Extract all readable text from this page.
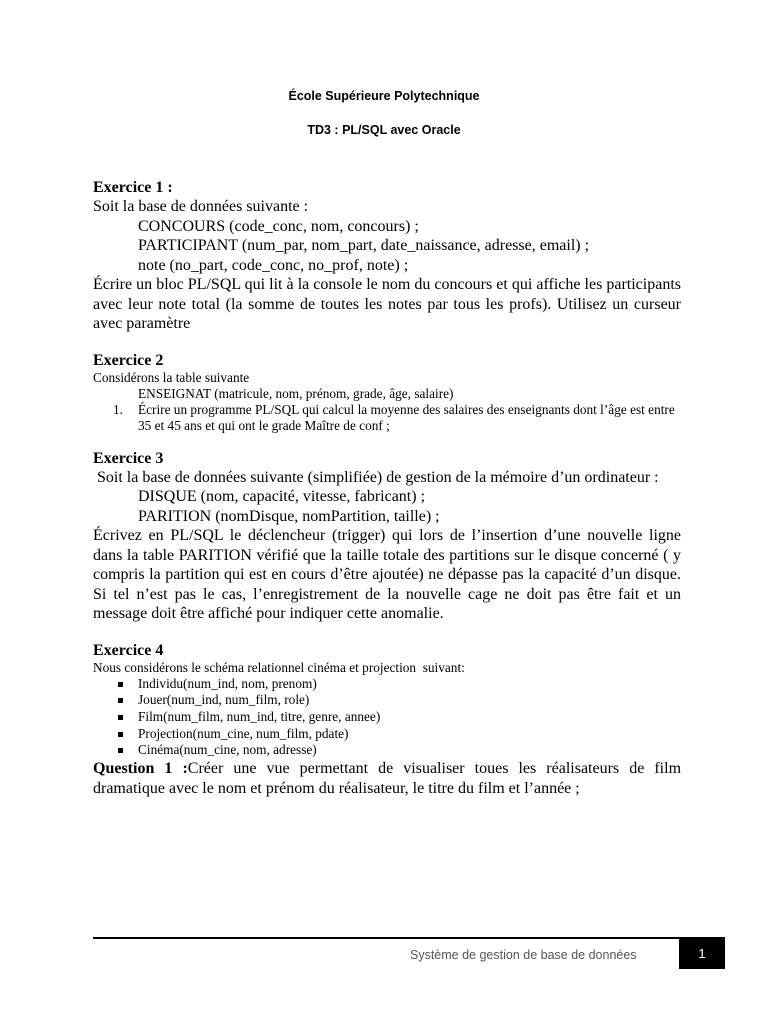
École Supérieure Polytechnique
TD3 : PL/SQL avec Oracle

Exercice 1 :

Soit la base de données suivante :

CONCOURS (code_conc, nom, concours) ;

PARTICIPANT (num_par, nom_part, date_naissance, adresse, email) ;

note (no_part, code_conc, no_prof, note) ;

Écrire un bloc PL/SQL qui lit à la console le nom du concours et qui affiche les participants avec leur note total (la somme de toutes les notes par tous les profs). Utilisez un curseur avec paramètre

Exercice 2

Considérons la table suivante

ENSEIGNAT (matricule, nom, prénom, grade, âge, salaire)

1. Écrire un programme PL/SQL qui calcul la moyenne des salaires des enseignants dont l’âge est entre 35 et 45 ans et qui ont le grade Maître de conf ;

Exercice 3

Soit la base de données suivante (simplifiée) de gestion de la mémoire d’un ordinateur :

DISQUE (nom, capacité, vitesse, fabricant) ;

PARITION (nomDisque, nomPartition, taille) ;

Écrivez en PL/SQL le déclencheur (trigger) qui lors de l’insertion d’une nouvelle ligne dans la table PARITION vérifié que la taille totale des partitions sur le disque concerné ( y compris la partition qui est en cours d’être ajoutée) ne dépasse pas la capacité d’un disque. Si tel n’est pas le cas, l’enregistrement de la nouvelle cage ne doit pas être fait et un message doit être affiché pour indiquer cette anomalie.

Exercice 4

Nous considérons le schéma relationnel cinéma et projection  suivant:

Individu(num_ind, nom, prenom)
Jouer(num_ind, num_film, role)
Film(num_film, num_ind, titre, genre, annee)
Projection(num_cine, num_film, pdate)
Cinéma(num_cine, nom, adresse)

Question 1 :Créer une vue permettant de visualiser toues les réalisateurs de film dramatique avec le nom et prénom du réalisateur, le titre du film et l’année ;

Système de gestion de base de données	1
